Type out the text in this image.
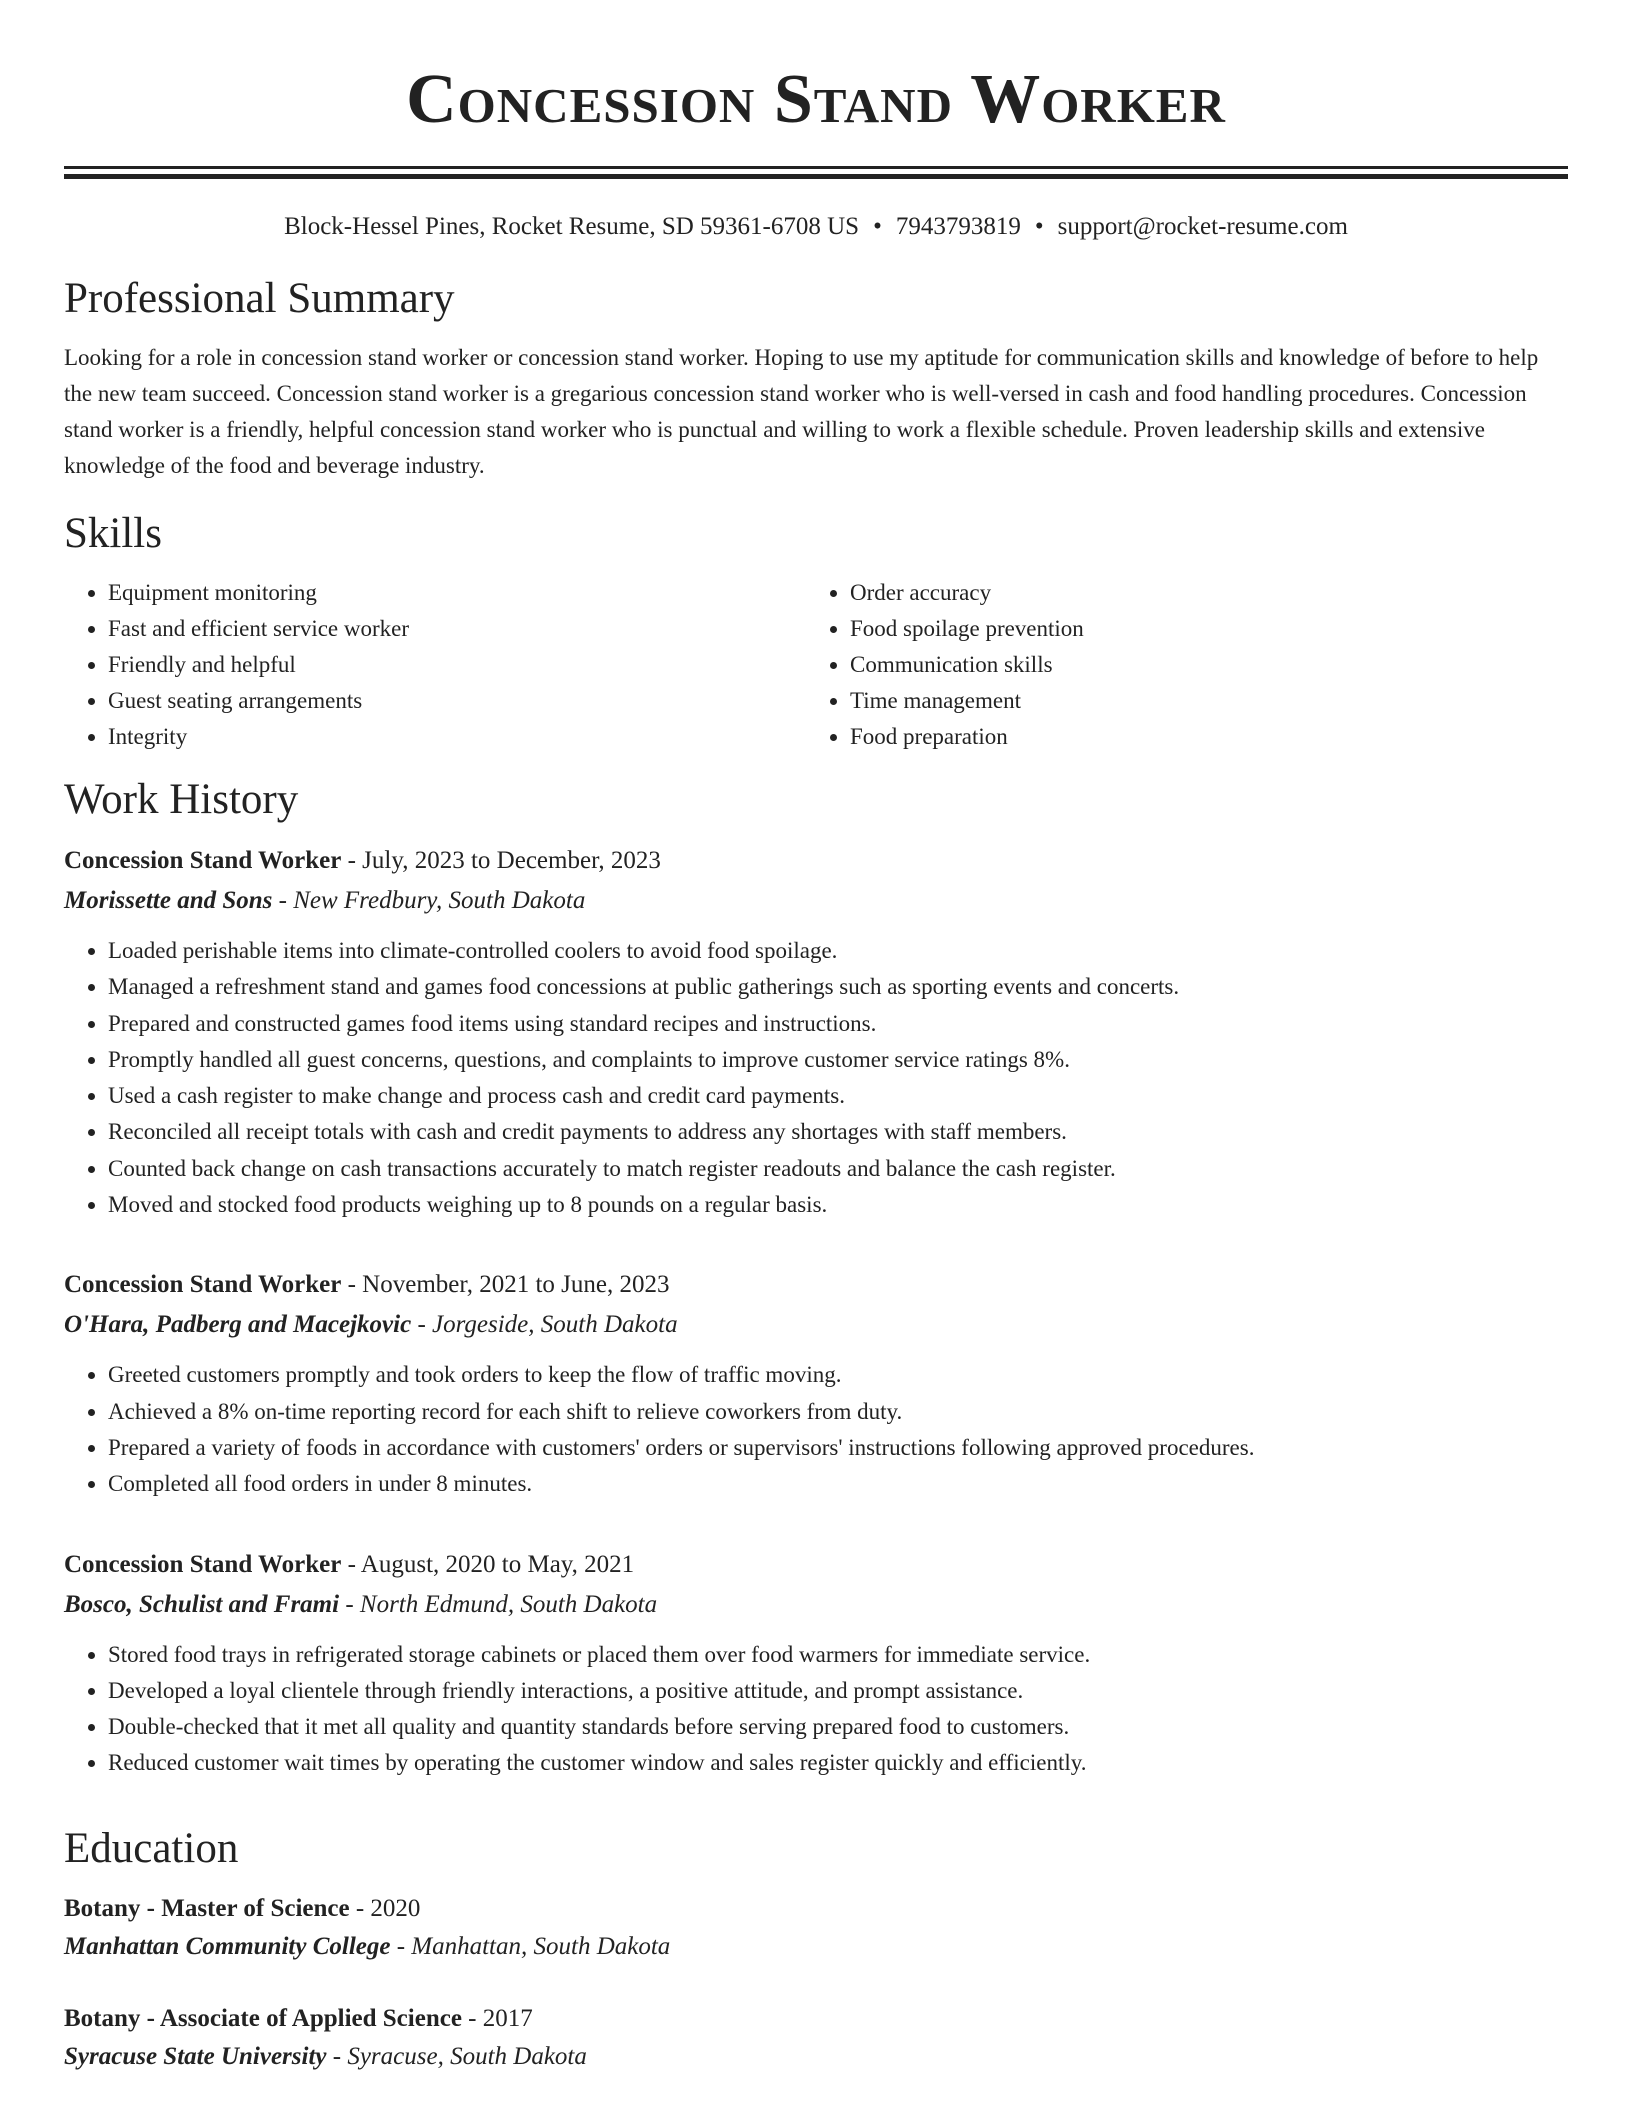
Concession Stand Worker
Block-Hessel Pines, Rocket Resume, SD 59361-6708 US • 7943793819 • support@rocket-resume.com
Professional Summary

Looking for a role in concession stand worker or concession stand worker. Hoping to use my aptitude for communication skills and knowledge of before to help the new team succeed. Concession stand worker is a gregarious concession stand worker who is well-versed in cash and food handling procedures. Concession stand worker is a friendly, helpful concession stand worker who is punctual and willing to work a flexible schedule. Proven leadership skills and extensive knowledge of the food and beverage industry.

Skills
• Equipment monitoring
• Fast and efficient service worker
• Friendly and helpful
• Guest seating arrangements
• Integrity
• Order accuracy
• Food spoilage prevention
• Communication skills
• Time management
• Food preparation
Work History
Concession Stand Worker - July, 2023 to December, 2023
Morissette and Sons - New Fredbury, South Dakota
• Loaded perishable items into climate-controlled coolers to avoid food spoilage.
• Managed a refreshment stand and games food concessions at public gatherings such as sporting events and concerts.
• Prepared and constructed games food items using standard recipes and instructions.
• Promptly handled all guest concerns, questions, and complaints to improve customer service ratings 8%.
• Used a cash register to make change and process cash and credit card payments.
• Reconciled all receipt totals with cash and credit payments to address any shortages with staff members.
• Counted back change on cash transactions accurately to match register readouts and balance the cash register.
• Moved and stocked food products weighing up to 8 pounds on a regular basis.
Concession Stand Worker - November, 2021 to June, 2023
O'Hara, Padberg and Macejkovic - Jorgeside, South Dakota
• Greeted customers promptly and took orders to keep the flow of traffic moving.
• Achieved a 8% on-time reporting record for each shift to relieve coworkers from duty.
• Prepared a variety of foods in accordance with customers' orders or supervisors' instructions following approved procedures.
• Completed all food orders in under 8 minutes.
Concession Stand Worker - August, 2020 to May, 2021
Bosco, Schulist and Frami - North Edmund, South Dakota
• Stored food trays in refrigerated storage cabinets or placed them over food warmers for immediate service.
• Developed a loyal clientele through friendly interactions, a positive attitude, and prompt assistance.
• Double-checked that it met all quality and quantity standards before serving prepared food to customers.
• Reduced customer wait times by operating the customer window and sales register quickly and efficiently.
Education
Botany - Master of Science - 2020
Manhattan Community College - Manhattan, South Dakota
Botany - Associate of Applied Science - 2017
Syracuse State University - Syracuse, South Dakota
